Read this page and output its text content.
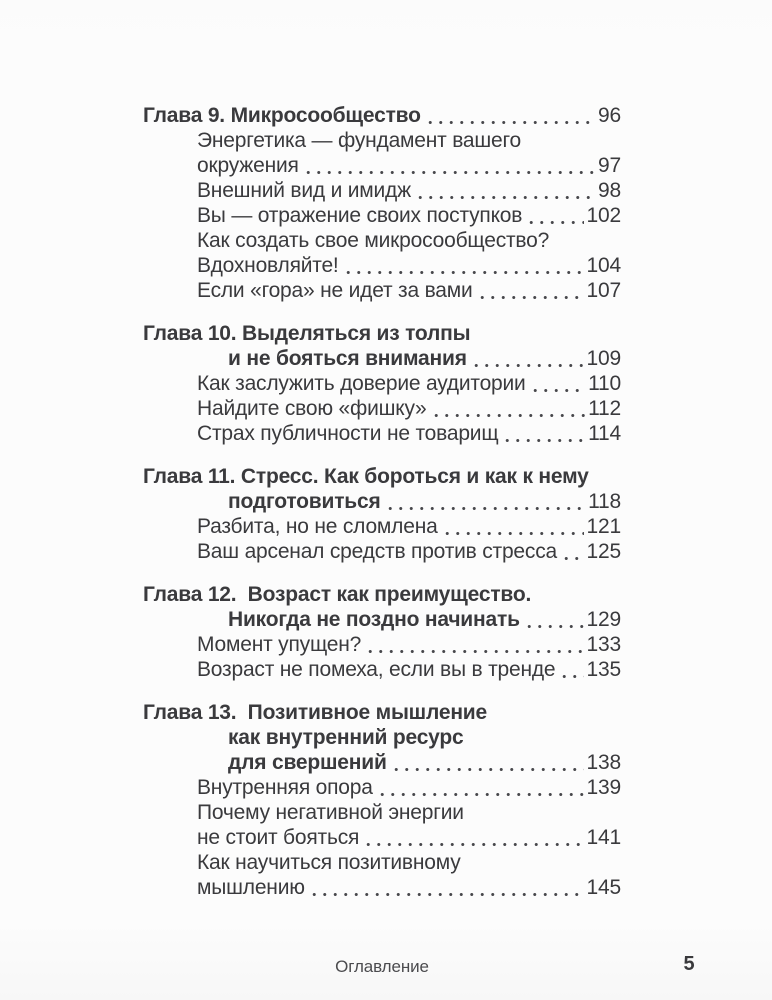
Глава 9. Микросообщество	96
Энергетика — фундамент вашего
окружения	97
Внешний вид и имидж	98
Вы — отражение своих поступков	102
Как создать свое микросообщество?
Вдохновляйте!	104
Если «гора» не идет за вами	107
Глава 10. Выделяться из толпы
и не бояться внимания	109
Как заслужить доверие аудитории	110
Найдите свою «фишку»	112
Страх публичности не товарищ	114
Глава 11. Стресс. Как бороться и как к нему
подготовиться	118
Разбита, но не сломлена	121
Ваш арсенал средств против стресса 125
Глава 12.  Возраст как преимущество.
Никогда не поздно начинать	129
Момент упущен?	133
Возраст не помеха, если вы в тренде 135
Глава 13.  Позитивное мышление
как внутренний ресурс
для свершений	138
Внутренняя опора	139
Почему негативной энергии
не стоит бояться	141
Как научиться позитивному
мышлению	145
Оглавление	5
